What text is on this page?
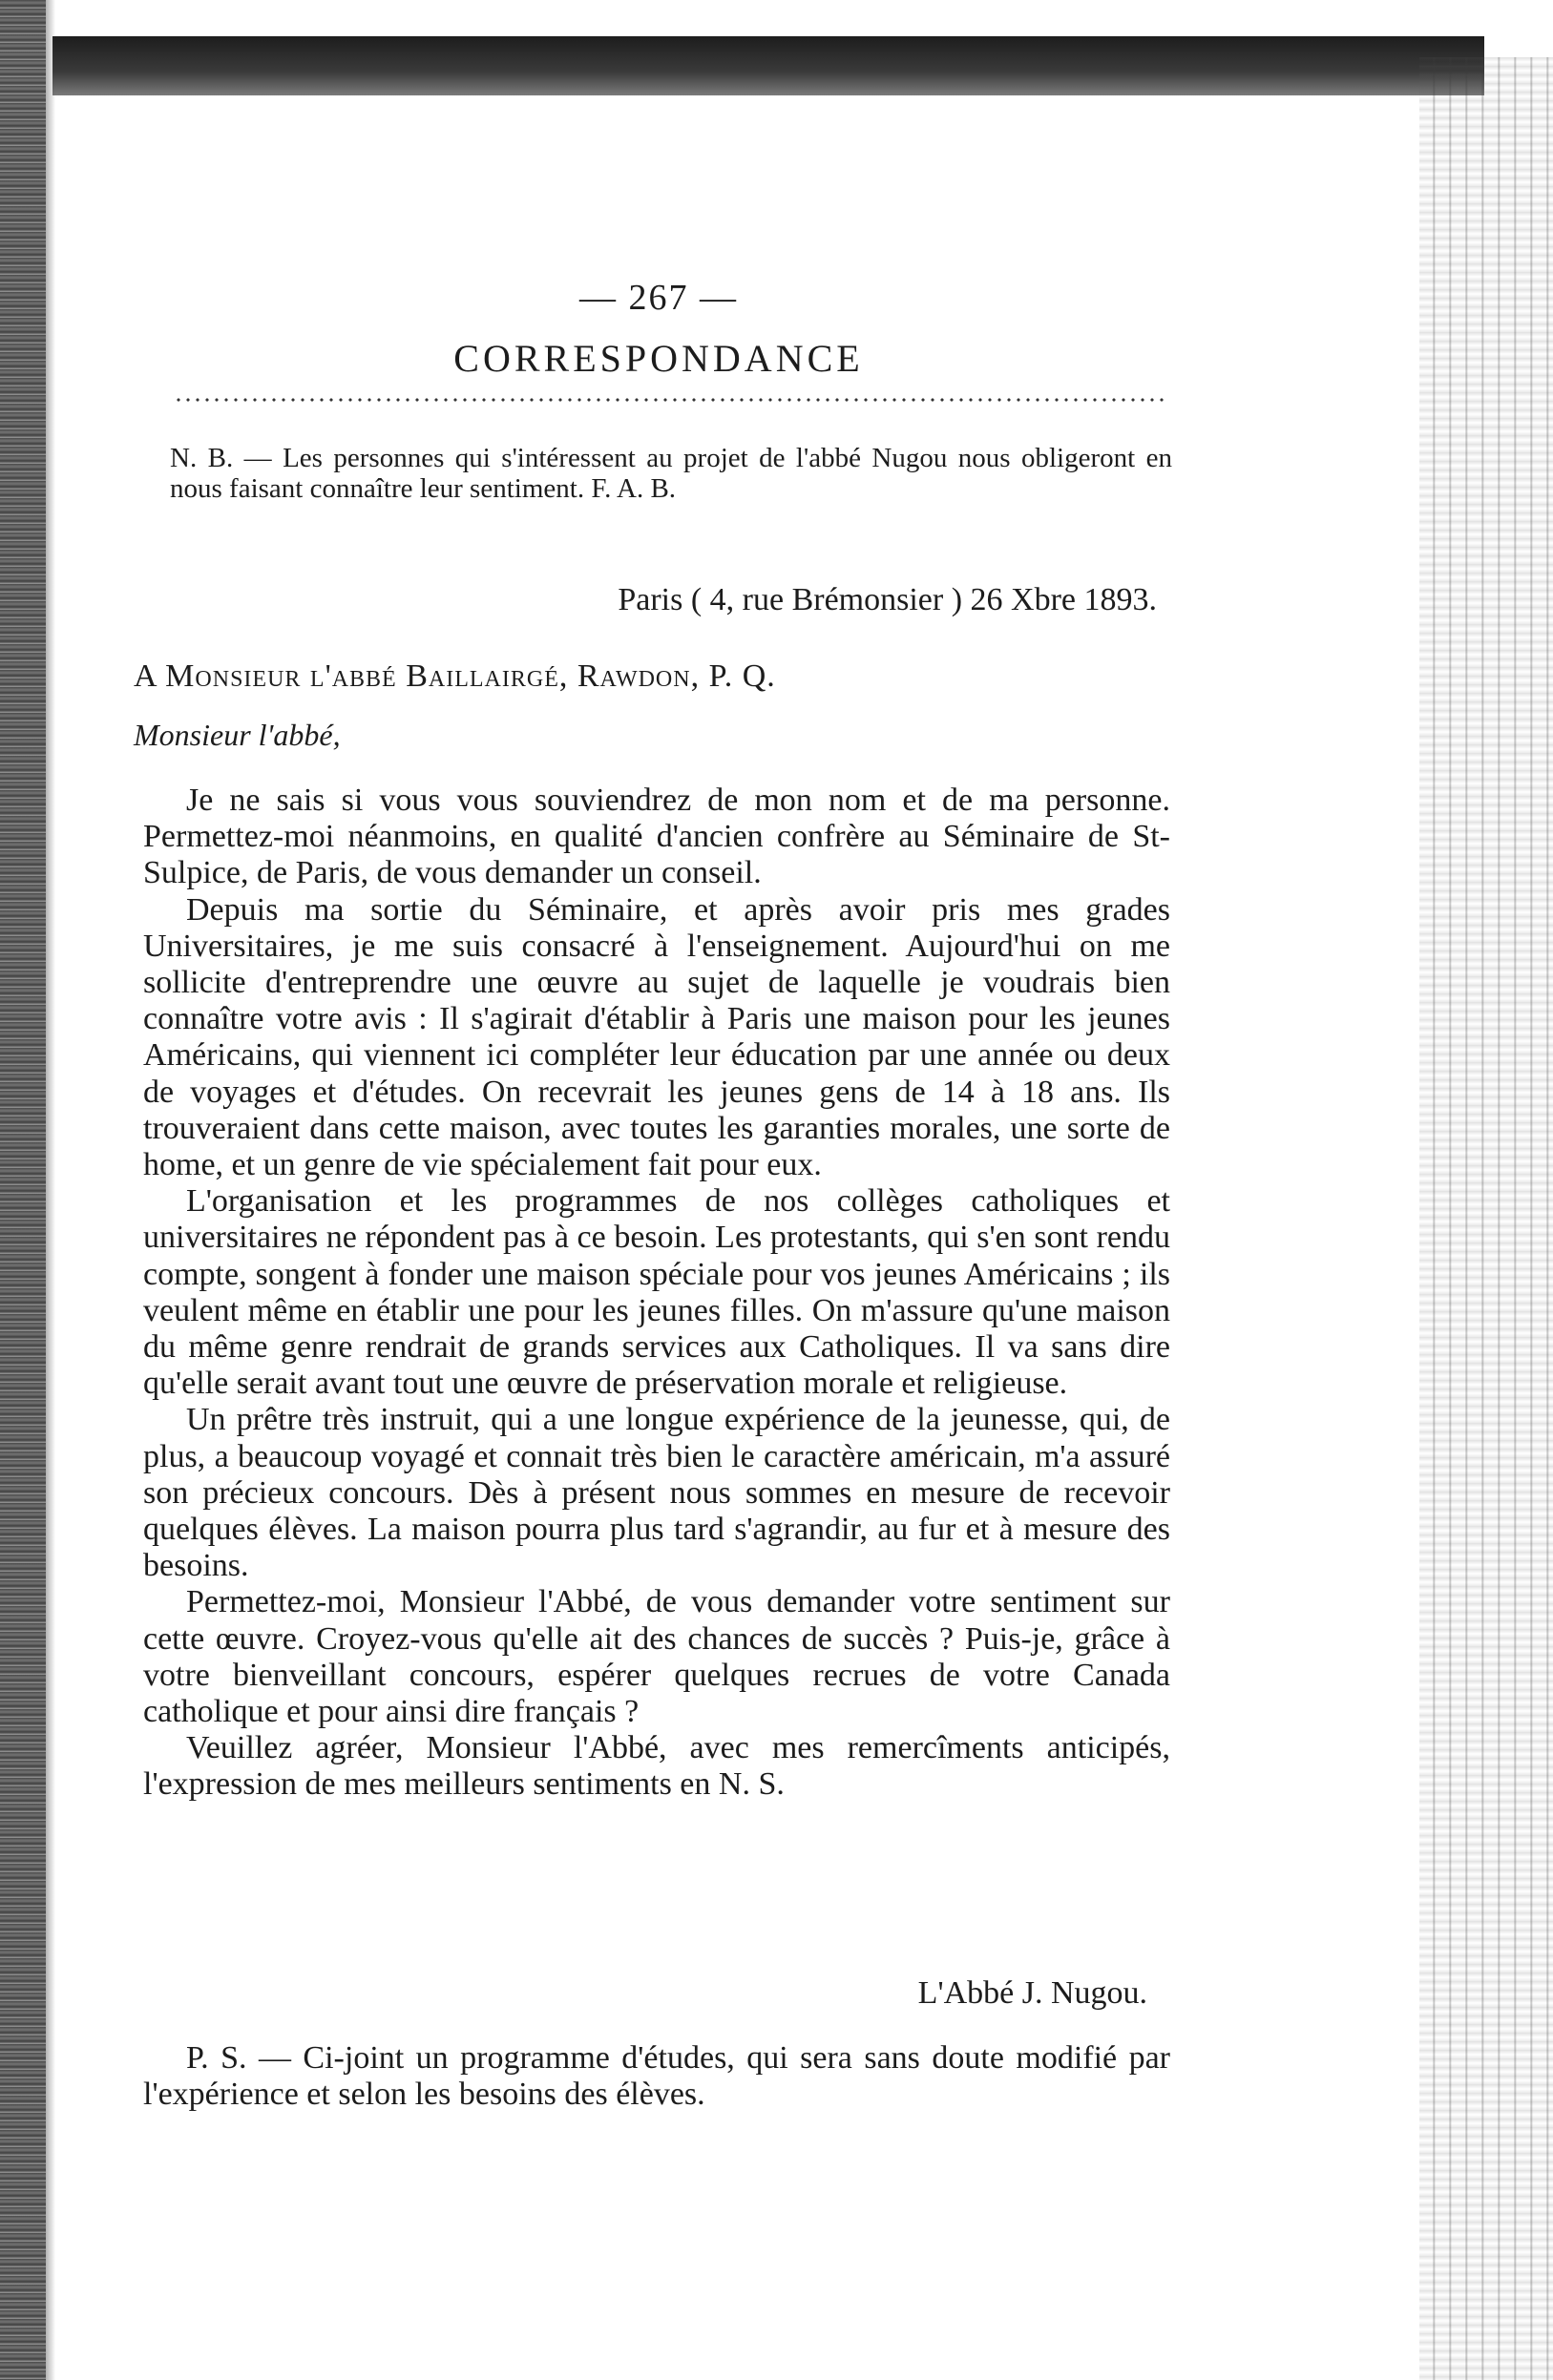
— 267 —
CORRESPONDANCE
N. B. — Les personnes qui s'intéressent au projet de l'abbé Nugou nous obligeront en nous faisant connaître leur sentiment. F. A. B.
Paris ( 4, rue Brémonsier ) 26 Xbre 1893.
A Monsieur l'abbé Baillairgé, Rawdon, P. Q.
Monsieur l'abbé,

Je ne sais si vous vous souviendrez de mon nom et de ma personne. Permettez-moi néanmoins, en qualité d'ancien confrère au Séminaire de St-Sulpice, de Paris, de vous demander un conseil.

Depuis ma sortie du Séminaire, et après avoir pris mes grades Universitaires, je me suis consacré à l'enseignement. Aujourd'hui on me sollicite d'entreprendre une œuvre au sujet de laquelle je voudrais bien connaître votre avis : Il s'agirait d'établir à Paris une maison pour les jeunes Américains, qui viennent ici compléter leur éducation par une année ou deux de voyages et d'études. On recevrait les jeunes gens de 14 à 18 ans. Ils trouveraient dans cette maison, avec toutes les garanties morales, une sorte de home, et un genre de vie spécialement fait pour eux.

L'organisation et les programmes de nos collèges catholiques et universitaires ne répondent pas à ce besoin. Les protestants, qui s'en sont rendu compte, songent à fonder une maison spéciale pour vos jeunes Américains ; ils veulent même en établir une pour les jeunes filles. On m'assure qu'une maison du même genre rendrait de grands services aux Catholiques. Il va sans dire qu'elle serait avant tout une œuvre de préservation morale et religieuse.

Un prêtre très instruit, qui a une longue expérience de la jeunesse, qui, de plus, a beaucoup voyagé et connait très bien le caractère américain, m'a assuré son précieux concours. Dès à présent nous sommes en mesure de recevoir quelques élèves. La maison pourra plus tard s'agrandir, au fur et à mesure des besoins.

Permettez-moi, Monsieur l'Abbé, de vous demander votre sentiment sur cette œuvre. Croyez-vous qu'elle ait des chances de succès ? Puis-je, grâce à votre bienveillant concours, espérer quelques recrues de votre Canada catholique et pour ainsi dire français ?

Veuillez agréer, Monsieur l'Abbé, avec mes remercîments anticipés, l'expression de mes meilleurs sentiments en N. S.

L'Abbé J. Nugou.

P. S. — Ci-joint un programme d'études, qui sera sans doute modifié par l'expérience et selon les besoins des élèves.
